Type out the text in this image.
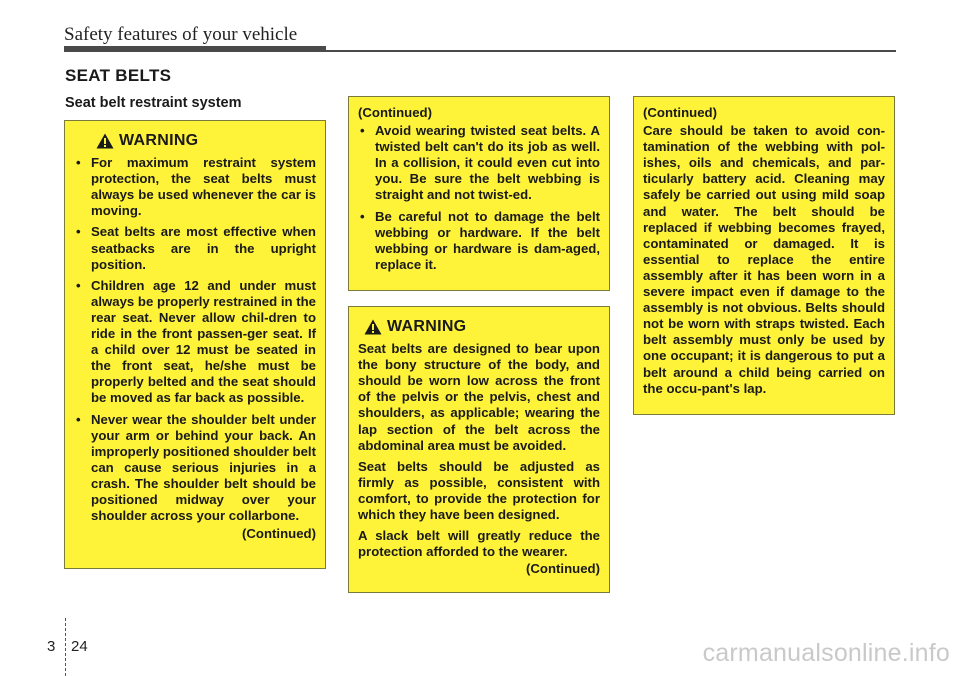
Safety features of your vehicle
SEAT BELTS
Seat belt restraint system
WARNING
• For maximum restraint system protection, the seat belts must always be used whenever the car is moving.
• Seat belts are most effective when seatbacks are in the upright position.
• Children age 12 and under must always be properly restrained in the rear seat. Never allow chil-dren to ride in the front passen-ger seat. If a child over 12 must be seated in the front seat, he/she must be properly belted and the seat should be moved as far back as possible.
• Never wear the shoulder belt under your arm or behind your back. An improperly positioned shoulder belt can cause serious injuries in a crash. The shoulder belt should be positioned midway over your shoulder across your collarbone.
(Continued)
(Continued)
• Avoid wearing twisted seat belts. A twisted belt can't do its job as well. In a collision, it could even cut into you. Be sure the belt webbing is straight and not twist-ed.
• Be careful not to damage the belt webbing or hardware. If the belt webbing or hardware is dam-aged, replace it.
WARNING

Seat belts are designed to bear upon the bony structure of the body, and should be worn low across the front of the pelvis or the pelvis, chest and shoulders, as applicable; wearing the lap section of the belt across the abdominal area must be avoided.

Seat belts should be adjusted as firmly as possible, consistent with comfort, to provide the protection for which they have been designed.

A slack belt will greatly reduce the protection afforded to the wearer.

(Continued)
(Continued)

Care should be taken to avoid con-tamination of the webbing with pol-ishes, oils and chemicals, and par-ticularly battery acid. Cleaning may safely be carried out using mild soap and water. The belt should be replaced if webbing becomes frayed, contaminated or damaged. It is essential to replace the entire assembly after it has been worn in a severe impact even if damage to the assembly is not obvious. Belts should not be worn with straps twisted. Each belt assembly must only be used by one occupant; it is dangerous to put a belt around a child being carried on the occu-pant's lap.

3 24	carmanualsonline.info
